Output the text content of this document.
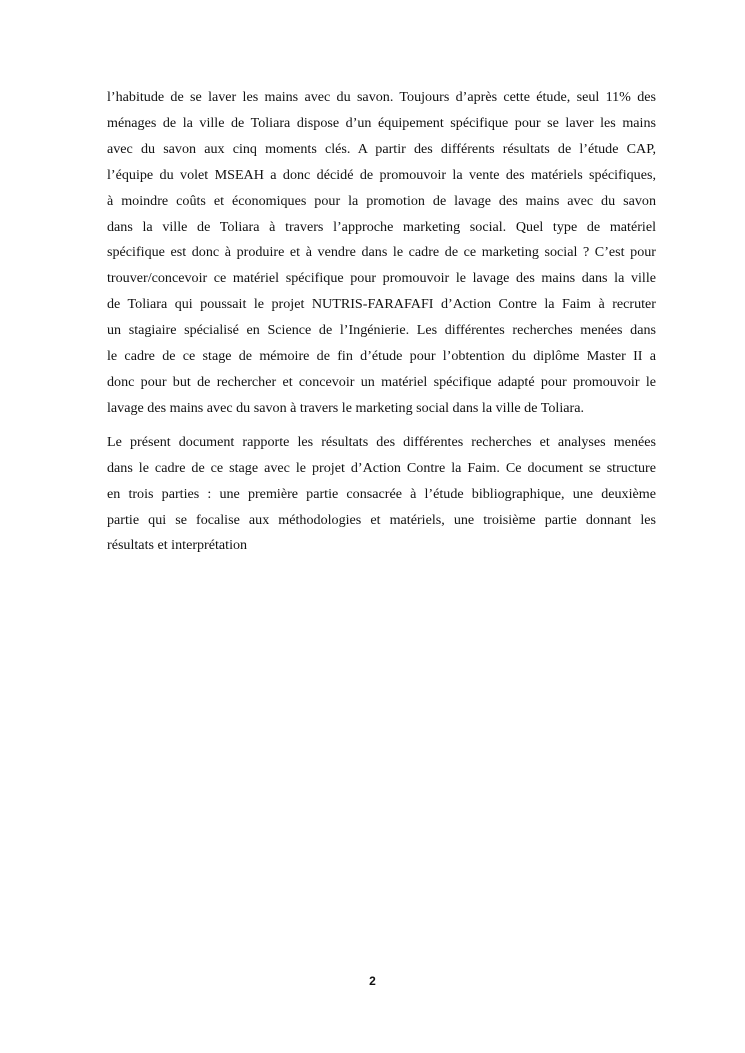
l’habitude de se laver les mains avec du savon. Toujours d’après cette étude, seul 11% des
ménages de la ville de Toliara dispose d’un équipement spécifique pour se laver les mains
avec du savon aux cinq moments clés. A partir des différents résultats de l’étude CAP,
l’équipe du volet MSEAH a donc décidé de promouvoir la vente des matériels spécifiques,
à moindre coûts et économiques pour la promotion de lavage des mains avec du savon
dans la ville de Toliara à travers l’approche marketing social. Quel type de matériel
spécifique est donc à produire et à vendre dans le cadre de ce marketing social ? C’est pour
trouver/concevoir ce matériel spécifique pour promouvoir le lavage des mains dans la ville
de Toliara qui poussait le projet NUTRIS-FARAFAFI d’Action Contre la Faim à recruter
un stagiaire spécialisé en Science de l’Ingénierie. Les différentes recherches menées dans
le cadre de ce stage de mémoire de fin d’étude pour l’obtention du diplôme Master II a
donc pour but de rechercher et concevoir un matériel spécifique adapté pour promouvoir le
lavage des mains avec du savon à travers le marketing social dans la ville de Toliara.

Le présent document rapporte les résultats des différentes recherches et analyses menées
dans le cadre de ce stage avec le projet d’Action Contre la Faim. Ce document se structure
en trois parties : une première partie consacrée à l’étude bibliographique, une deuxième
partie qui se focalise aux méthodologies et matériels, une troisième partie donnant les
résultats et interprétation

2
